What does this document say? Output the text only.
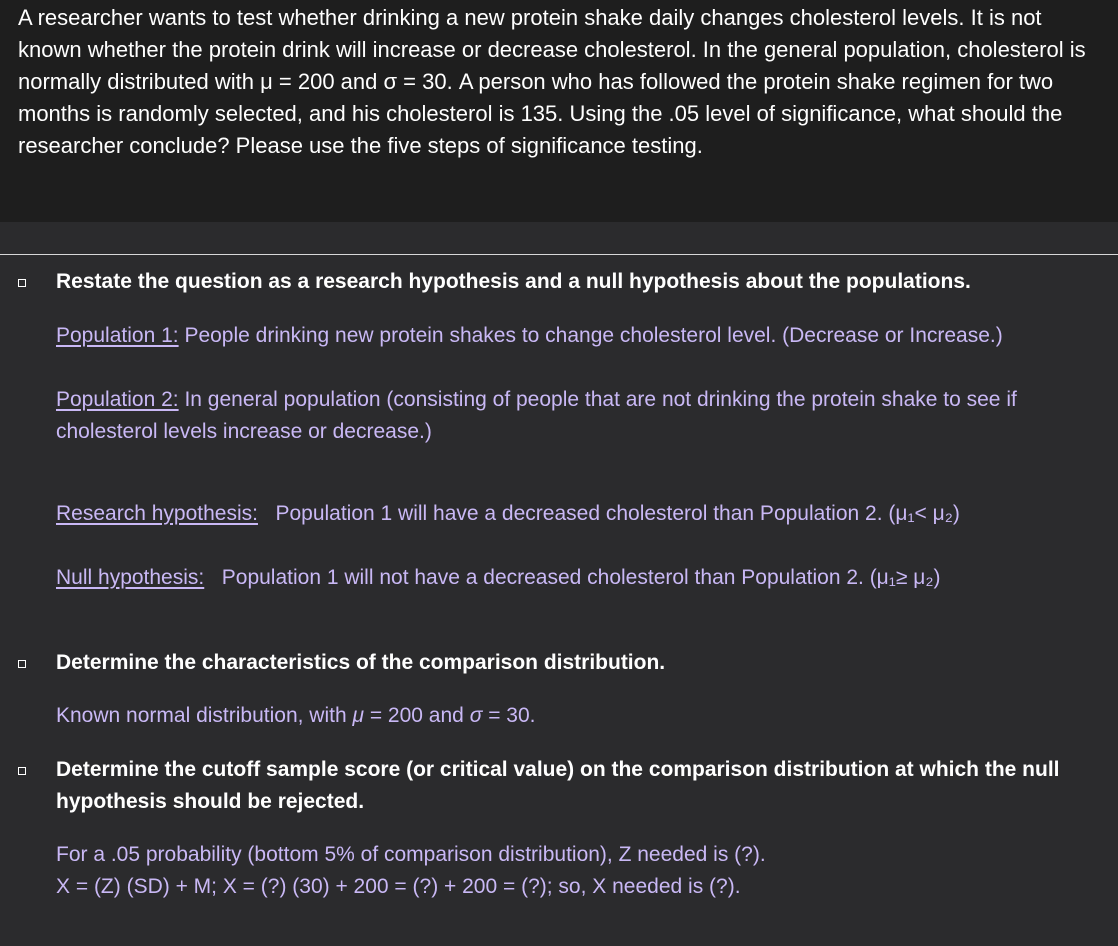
A researcher wants to test whether drinking a new protein shake daily changes cholesterol levels. It is not known whether the protein drink will increase or decrease cholesterol. In the general population, cholesterol is normally distributed with μ = 200 and σ = 30. A person who has followed the protein shake regimen for two months is randomly selected, and his cholesterol is 135. Using the .05 level of significance, what should the researcher conclude? Please use the five steps of significance testing.
Restate the question as a research hypothesis and a null hypothesis about the populations.
Population 1: People drinking new protein shakes to change cholesterol level. (Decrease or Increase.)
Population 2: In general population (consisting of people that are not drinking the protein shake to see if cholesterol levels increase or decrease.)
Research hypothesis:   Population 1 will have a decreased cholesterol than Population 2. (μ₁< μ₂)
Null hypothesis:   Population 1 will not have a decreased cholesterol than Population 2. (μ₁≥ μ₂)
Determine the characteristics of the comparison distribution.
Known normal distribution, with μ = 200 and σ = 30.
Determine the cutoff sample score (or critical value) on the comparison distribution at which the null hypothesis should be rejected.
For a .05 probability (bottom 5% of comparison distribution), Z needed is (?).
X = (Z) (SD) + M; X = (?) (30) + 200 = (?) + 200 = (?); so, X needed is (?).
